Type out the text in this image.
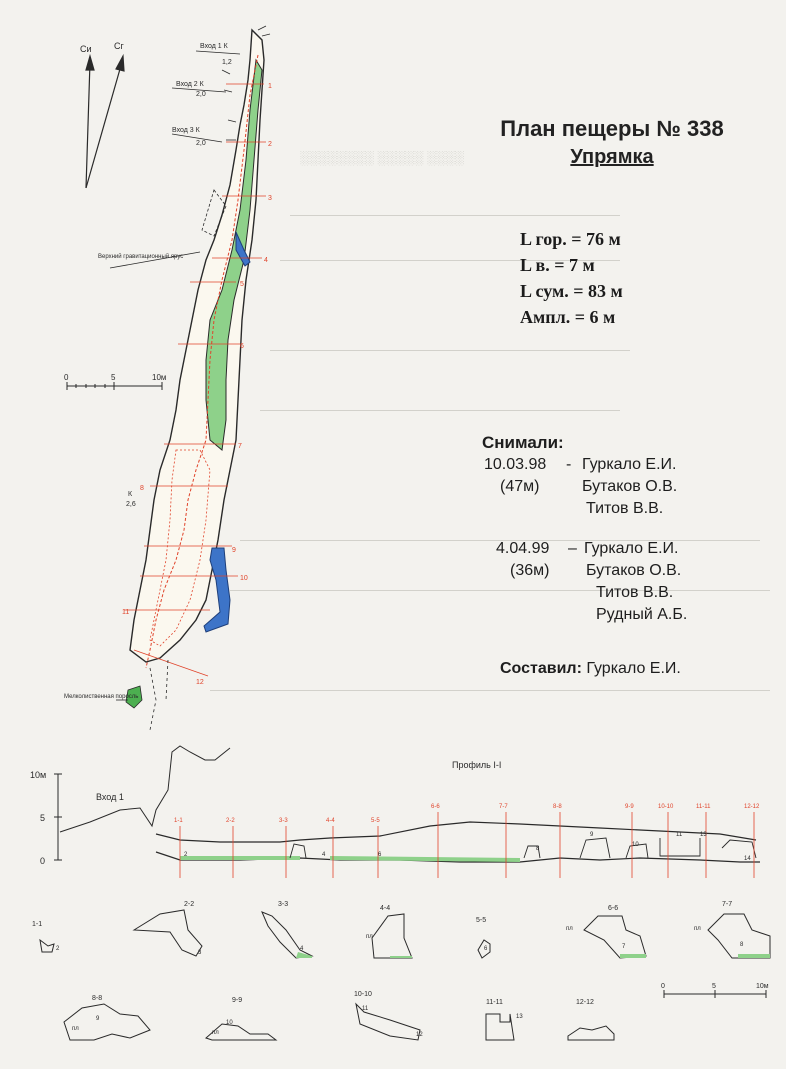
░░░░░░░░ ░░░░░ ░░░░
Си Сг
0	5	10м
Вход 1 К
1,2
Вход 2 К
2,0
Вход 3 К
2,0
Верхний гравитационный ярус
Мелколиственная поросль
К
2,6
1
2
3
4
5
6
7
8
9
10
11
12
10м
5
0
Профиль I-I
Вход 1
1-1	2-2	3-3	4-4	5-5
6-6	7-7	8-8	9-9	10-10	11-11	12-12
2	4	6
8
9
10
11	13
14
1-1
2
2-2
3
3-3
4
4-4
пл
5-5
6
6-6
7
пл
7-7
8
пл
0	5	10м
8-8
9
пл
9-9
10
пл
10-10
11
12
11-11
13
12-12

План пещеры № 338

Упрямка

L гор. = 76 м
L в. = 7 м
L сум. = 83 м
Ампл. = 6 м
Снимали:
10.03.98 - Гуркало Е.И.
(47м)	Бутаков О.В.
Титов В.В.
4.04.99 – Гуркало Е.И.
(36м) Бутаков О.В.
Титов В.В.
Рудный А.Б.
Составил: Гуркало Е.И.
